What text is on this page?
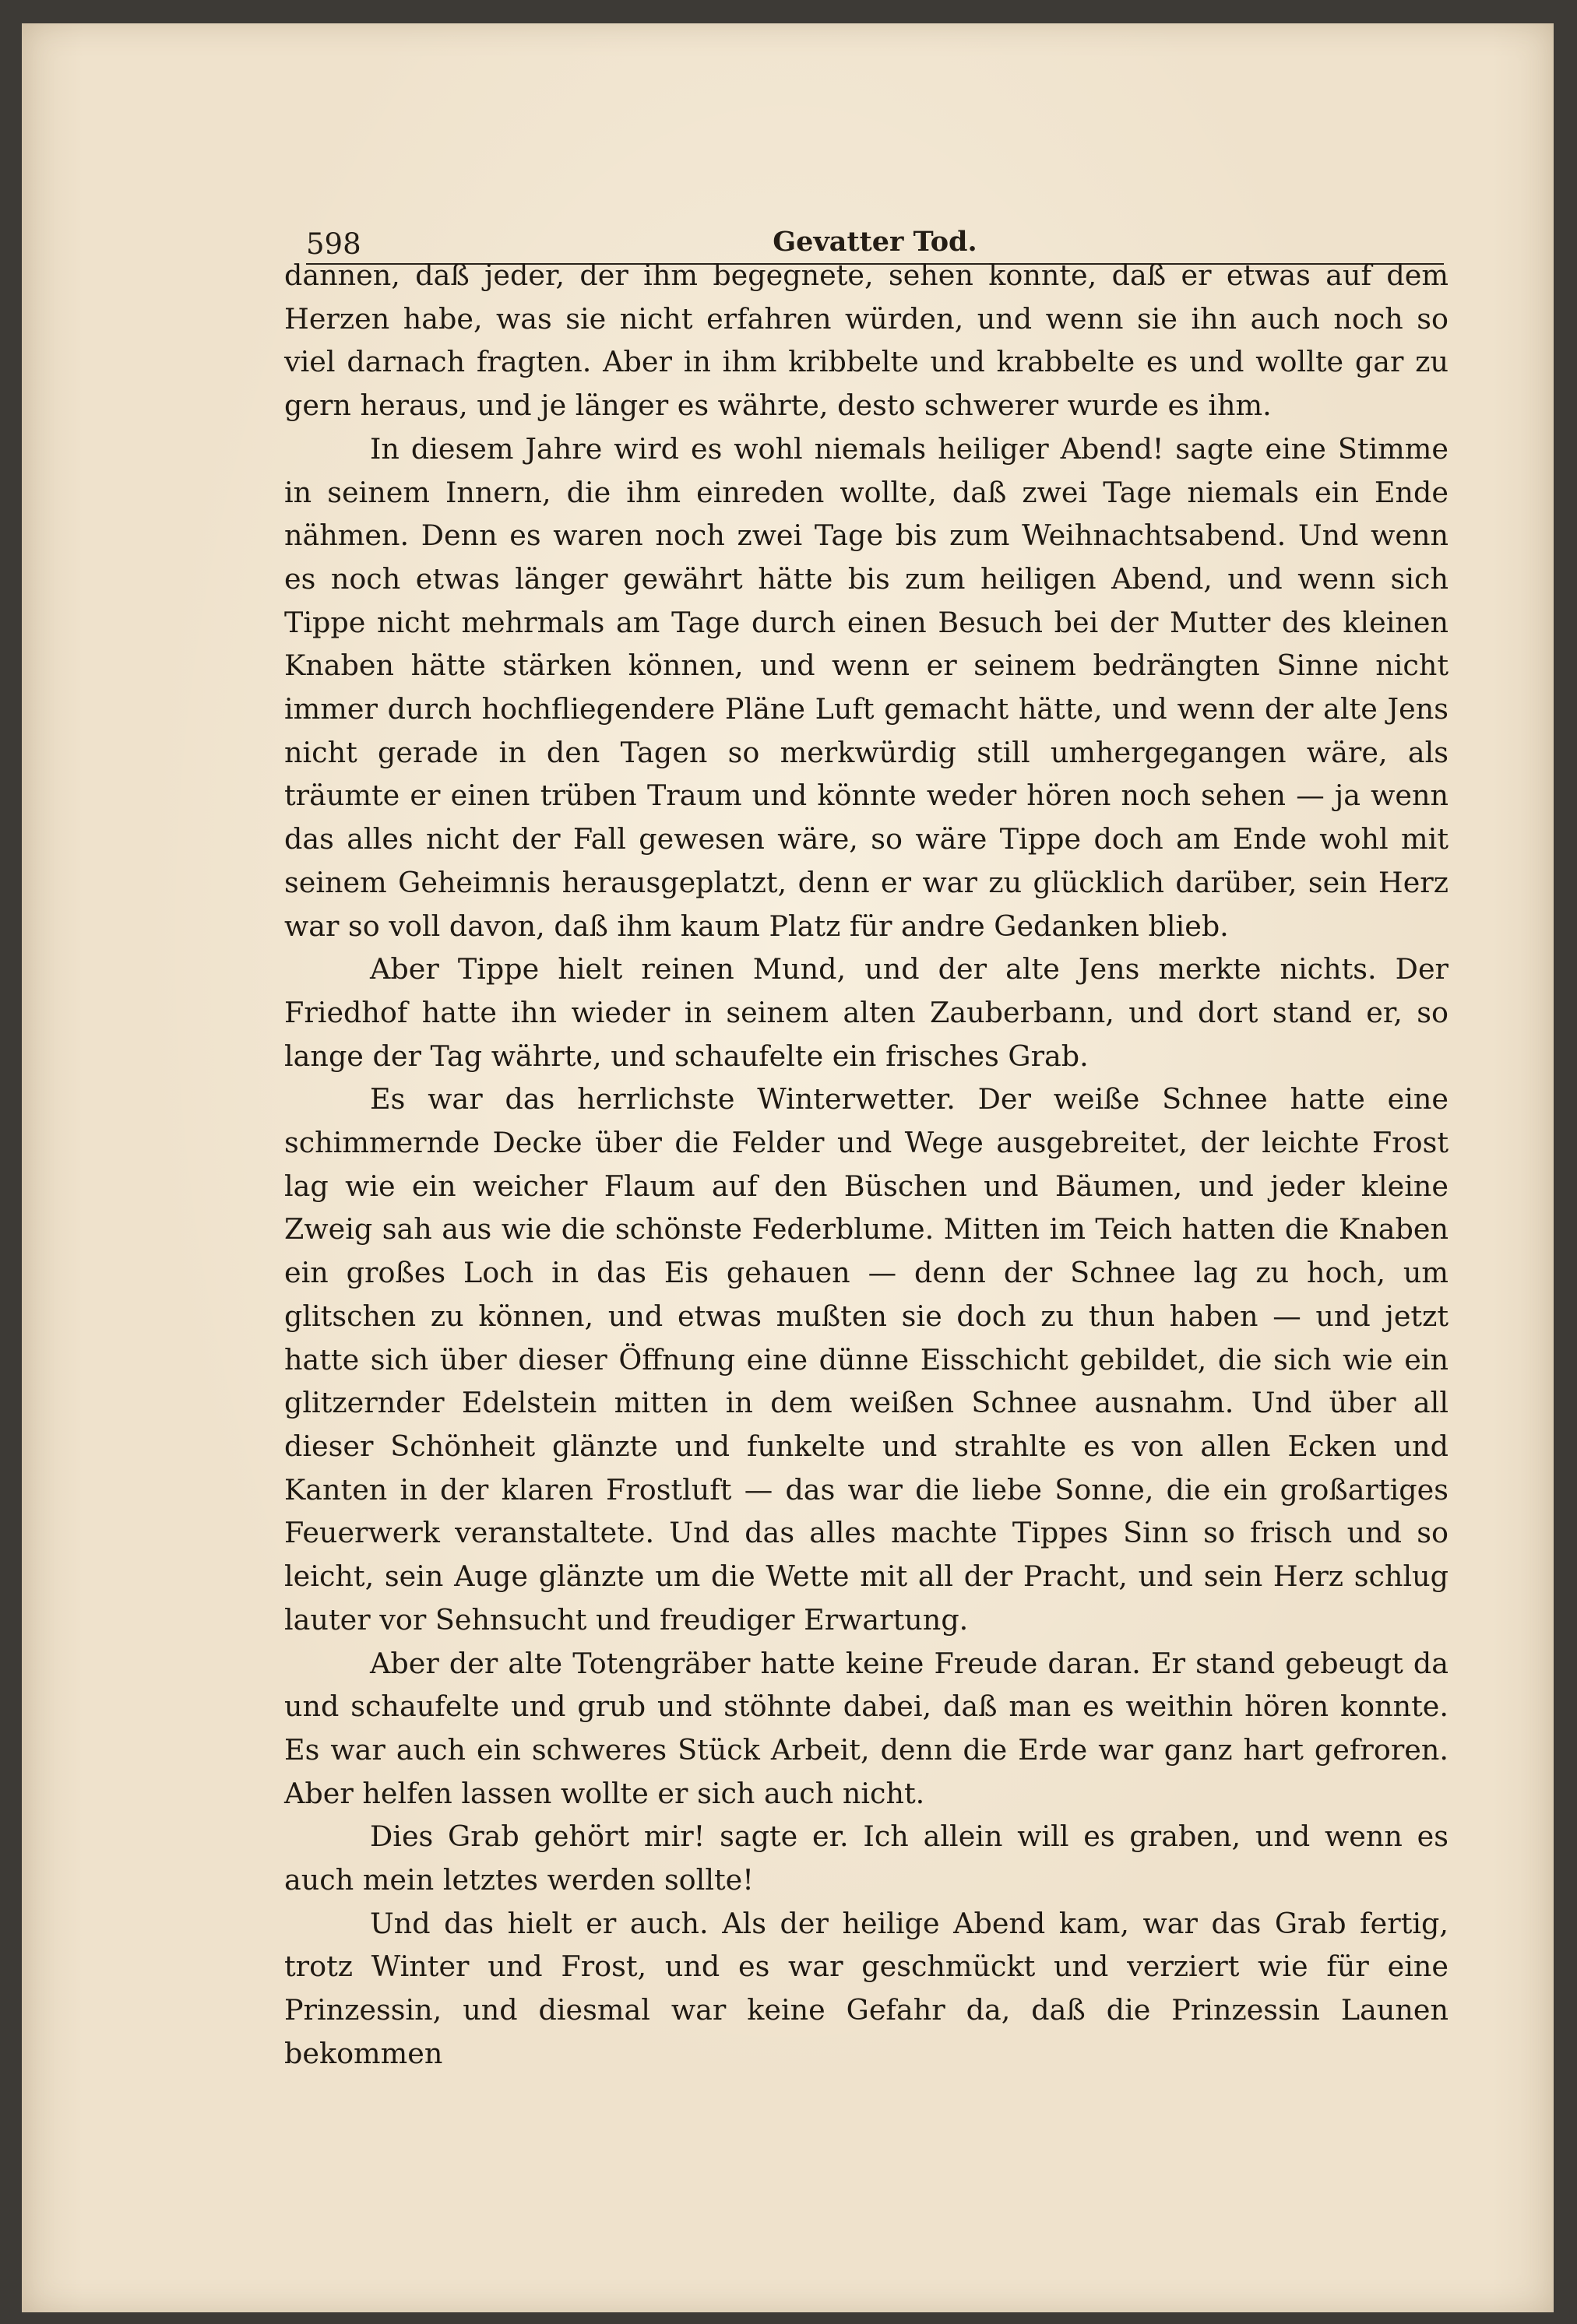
598	Gevatter Tod.

dannen, daß jeder, der ihm begegnete, sehen konnte, daß er etwas auf dem Herzen habe, was sie nicht erfahren würden, und wenn sie ihn auch noch so viel darnach fragten. Aber in ihm kribbelte und krabbelte es und wollte gar zu gern heraus, und je länger es währte, desto schwerer wurde es ihm.

In diesem Jahre wird es wohl niemals heiliger Abend! sagte eine Stimme in seinem Innern, die ihm einreden wollte, daß zwei Tage niemals ein Ende nähmen. Denn es waren noch zwei Tage bis zum Weihnachtsabend. Und wenn es noch etwas länger gewährt hätte bis zum heiligen Abend, und wenn sich Tippe nicht mehrmals am Tage durch einen Besuch bei der Mutter des kleinen Knaben hätte stärken können, und wenn er seinem bedrängten Sinne nicht immer durch hochfliegendere Pläne Luft gemacht hätte, und wenn der alte Jens nicht gerade in den Tagen so merkwürdig still umhergegangen wäre, als träumte er einen trüben Traum und könnte weder hören noch sehen — ja wenn das alles nicht der Fall gewesen wäre, so wäre Tippe doch am Ende wohl mit seinem Geheimnis herausgeplatzt, denn er war zu glücklich darüber, sein Herz war so voll davon, daß ihm kaum Platz für andre Gedanken blieb.

Aber Tippe hielt reinen Mund, und der alte Jens merkte nichts. Der Friedhof hatte ihn wieder in seinem alten Zauberbann, und dort stand er, so lange der Tag währte, und schaufelte ein frisches Grab.

Es war das herrlichste Winterwetter. Der weiße Schnee hatte eine schimmernde Decke über die Felder und Wege ausgebreitet, der leichte Frost lag wie ein weicher Flaum auf den Büschen und Bäumen, und jeder kleine Zweig sah aus wie die schönste Federblume. Mitten im Teich hatten die Knaben ein großes Loch in das Eis gehauen — denn der Schnee lag zu hoch, um glitschen zu können, und etwas mußten sie doch zu thun haben — und jetzt hatte sich über dieser Öffnung eine dünne Eisschicht gebildet, die sich wie ein glitzernder Edelstein mitten in dem weißen Schnee ausnahm. Und über all dieser Schönheit glänzte und funkelte und strahlte es von allen Ecken und Kanten in der klaren Frostluft — das war die liebe Sonne, die ein großartiges Feuerwerk veranstaltete. Und das alles machte Tippes Sinn so frisch und so leicht, sein Auge glänzte um die Wette mit all der Pracht, und sein Herz schlug lauter vor Sehnsucht und freudiger Erwartung.

Aber der alte Totengräber hatte keine Freude daran. Er stand gebeugt da und schaufelte und grub und stöhnte dabei, daß man es weithin hören konnte. Es war auch ein schweres Stück Arbeit, denn die Erde war ganz hart gefroren. Aber helfen lassen wollte er sich auch nicht.

Dies Grab gehört mir! sagte er. Ich allein will es graben, und wenn es auch mein letztes werden sollte!

Und das hielt er auch. Als der heilige Abend kam, war das Grab fertig, trotz Winter und Frost, und es war geschmückt und verziert wie für eine Prinzessin, und diesmal war keine Gefahr da, daß die Prinzessin Launen bekommen
